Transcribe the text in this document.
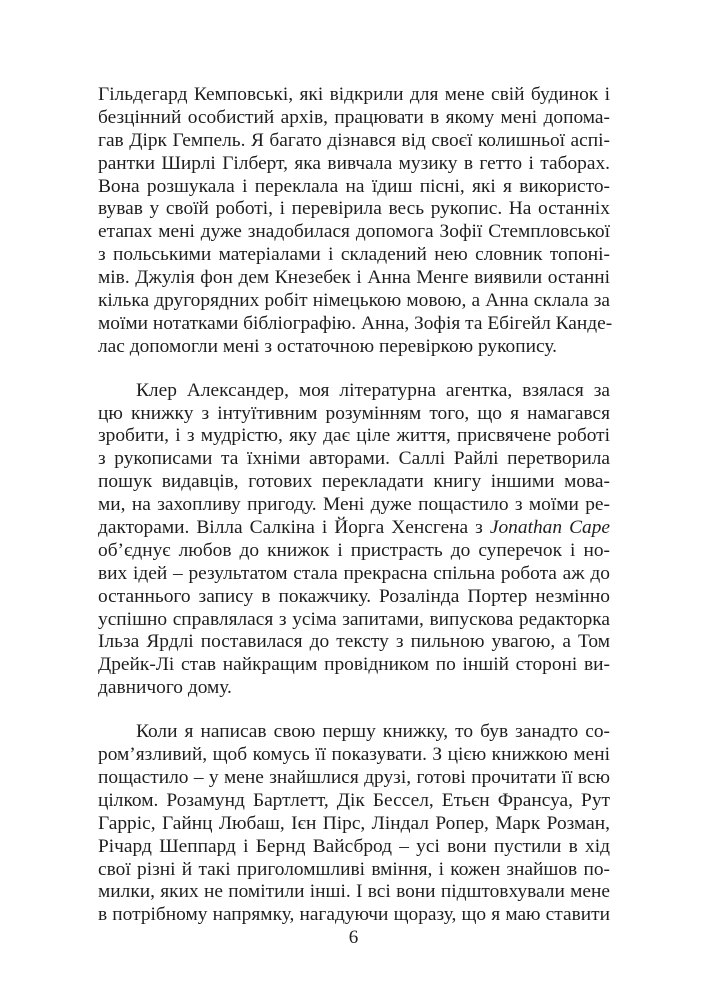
Гільдегард Кемповські, які відкрили для мене свій будинок і
безцінний особистий архів, працювати в якому мені допома-
гав Дірк Гемпель. Я багато дізнався від своєї колишньої аспі-
рантки Ширлі Гілберт, яка вивчала музику в гетто і таборах.
Вона розшукала і переклала на їдиш пісні, які я використо-
вував у своїй роботі, і перевірила весь рукопис. На останніх
етапах мені дуже знадобилася допомога Зофії Стемпловської
з польськими матеріалами і складений нею словник топоні-
мів. Джулія фон дем Кнезебек і Анна Менге виявили останні
кілька другорядних робіт німецькою мовою, а Анна склала за
моїми нотатками бібліографію. Анна, Зофія та Ебігейл Канде-
лас допомогли мені з остаточною перевіркою рукопису.

Клер Александер, моя літературна агентка, взялася за
цю книжку з інтуїтивним розумінням того, що я намагався
зробити, і з мудрістю, яку дає ціле життя, присвячене роботі
з рукописами та їхніми авторами. Саллі Райлі перетворила
пошук видавців, готових перекладати книгу іншими мова-
ми, на захопливу пригоду. Мені дуже пощастило з моїми ре-
дакторами. Вілла Салкіна і Йорга Хенсгена з Jonathan Cape
об’єднує любов до книжок і пристрасть до суперечок і но-
вих ідей – результатом стала прекрасна спільна робота аж до
останнього запису в покажчику. Розалінда Портер незмінно
успішно справлялася з усіма запитами, випускова редакторка
Ільза Ярдлі поставилася до тексту з пильною увагою, а Том
Дрейк-Лі став найкращим провідником по іншій стороні ви-
давничого дому.

Коли я написав свою першу книжку, то був занадто со-
ром’язливий, щоб комусь її показувати. З цією книжкою мені
пощастило – у мене знайшлися друзі, готові прочитати її всю
цілком. Розамунд Бартлетт, Дік Бессел, Етьєн Франсуа, Рут
Гарріс, Гайнц Любаш, Ієн Пірс, Ліндал Ропер, Марк Розман,
Річард Шеппард і Бернд Вайсброд – усі вони пустили в хід
свої різні й такі приголомшливі вміння, і кожен знайшов по-
милки, яких не помітили інші. І всі вони підштовхували мене
в потрібному напрямку, нагадуючи щоразу, що я маю ставити

6
